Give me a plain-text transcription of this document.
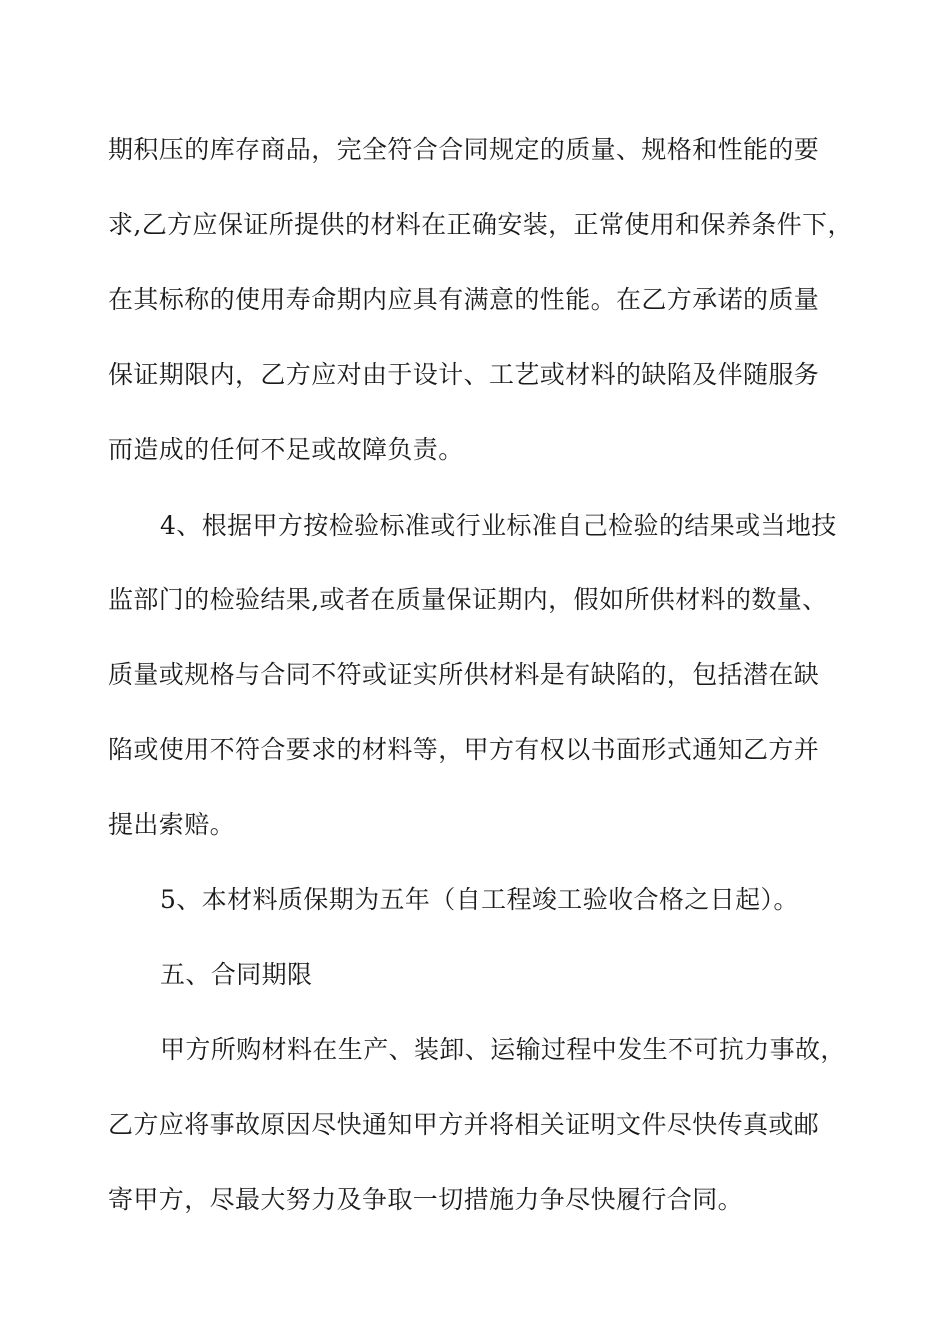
期积压的库存商品，完全符合合同规定的质量、规格和性能的要
求,乙方应保证所提供的材料在正确安装，正常使用和保养条件下，
在其标称的使用寿命期内应具有满意的性能。在乙方承诺的质量
保证期限内，乙方应对由于设计、工艺或材料的缺陷及伴随服务
而造成的任何不足或故障负责。
4、根据甲方按检验标准或行业标准自己检验的结果或当地技
监部门的检验结果,或者在质量保证期内，假如所供材料的数量、
质量或规格与合同不符或证实所供材料是有缺陷的，包括潜在缺
陷或使用不符合要求的材料等，甲方有权以书面形式通知乙方并
提出索赔。
5、本材料质保期为五年（自工程竣工验收合格之日起）。
五、合同期限
甲方所购材料在生产、装卸、运输过程中发生不可抗力事故，
乙方应将事故原因尽快通知甲方并将相关证明文件尽快传真或邮
寄甲方，尽最大努力及争取一切措施力争尽快履行合同。
